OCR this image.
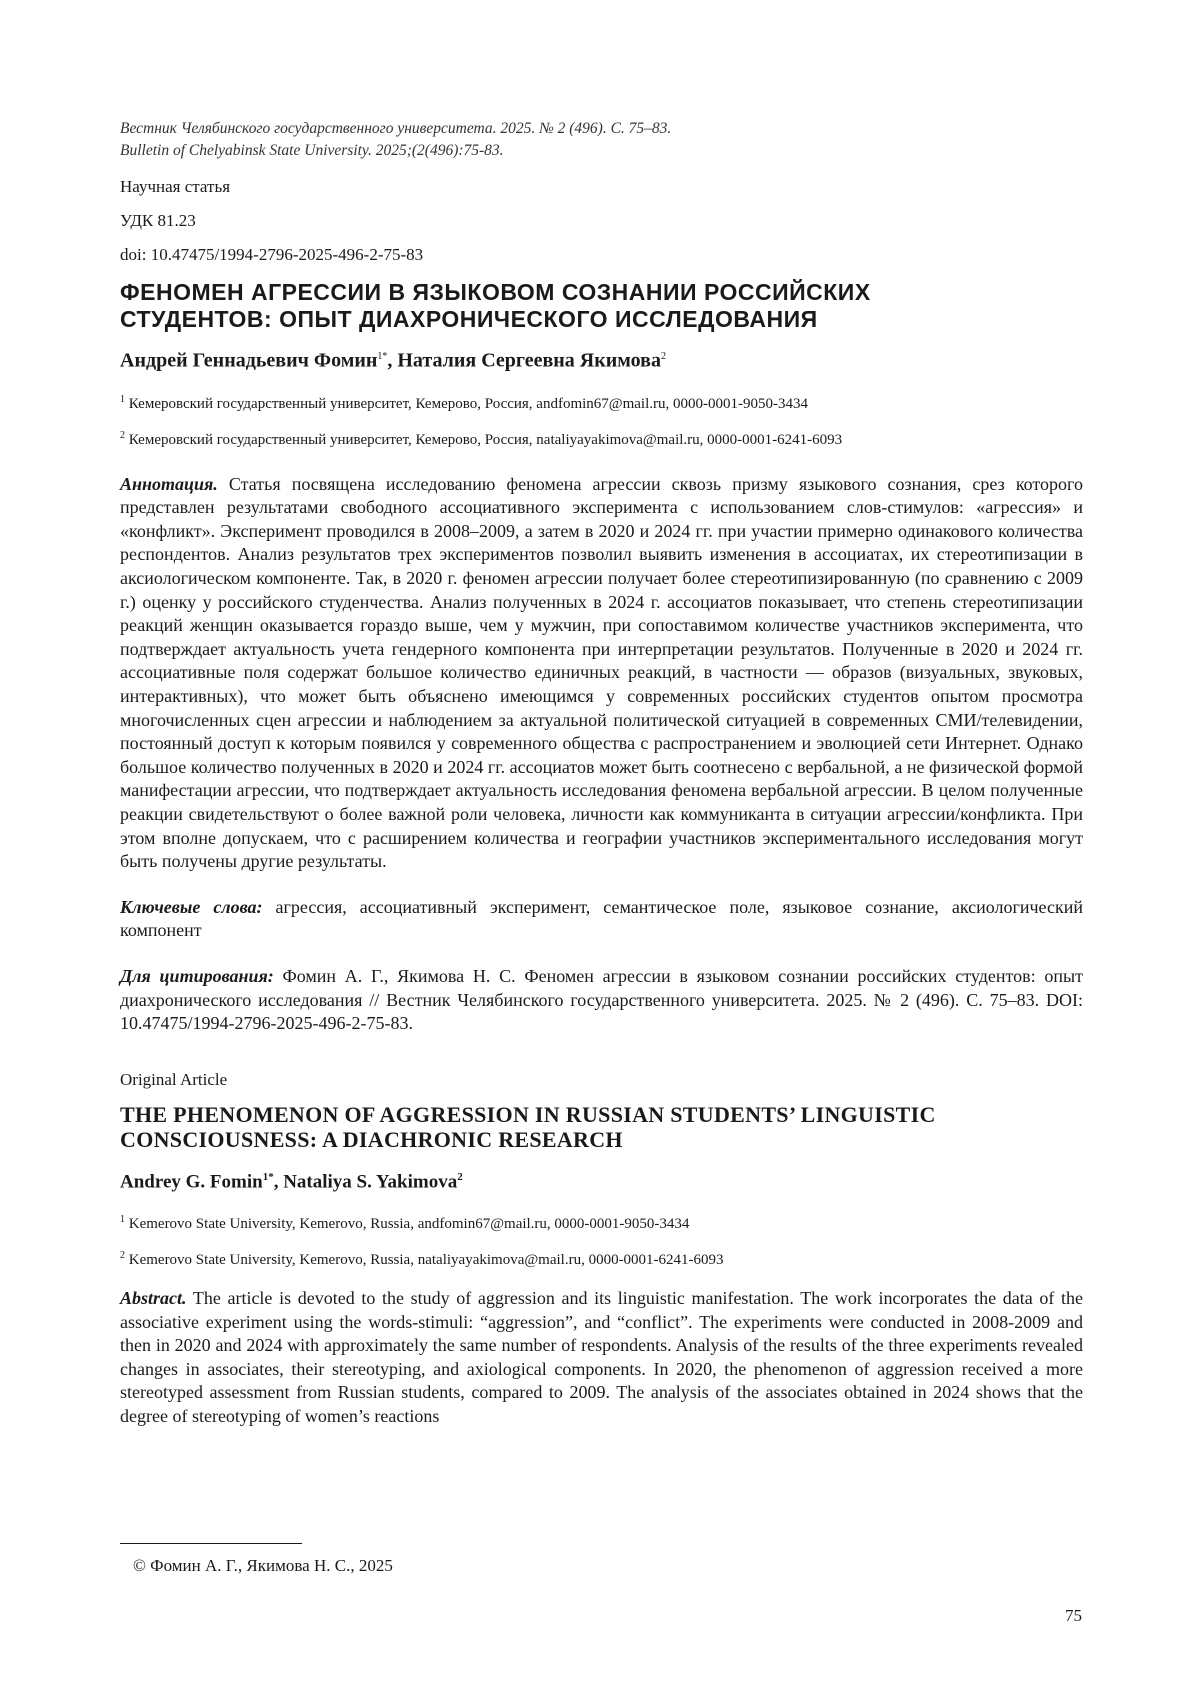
Вестник Челябинского государственного университета. 2025. № 2 (496). С. 75–83.
Bulletin of Chelyabinsk State University. 2025;(2(496):75-83.
Научная статья
УДК 81.23
doi: 10.47475/1994-2796-2025-496-2-75-83
ФЕНОМЕН АГРЕССИИ В ЯЗЫКОВОМ СОЗНАНИИ РОССИЙСКИХ
СТУДЕНТОВ: ОПЫТ ДИАХРОНИЧЕСКОГО ИССЛЕДОВАНИЯ
Андрей Геннадьевич Фомин$^{1*}$, Наталия Сергеевна Якимова$^2$
$^1$ Кемеровский государственный университет, Кемерово, Россия, andfomin67@mail.ru, 0000-0001-9050-3434
$^2$ Кемеровский государственный университет, Кемерово, Россия, nataliyayakimova@mail.ru, 0000-0001-6241-6093
Аннотация. Статья посвящена исследованию феномена агрессии сквозь призму языкового сознания, срез которого представлен результатами свободного ассоциативного эксперимента с использованием слов-стимулов: «агрессия» и «конфликт». Эксперимент проводился в 2008–2009, а затем в 2020 и 2024 гг. при участии примерно одинакового количества респондентов. Анализ результатов трех экспериментов позволил выявить изменения в ассоциатах, их стереотипизации в аксиологическом компоненте. Так, в 2020 г. феномен агрессии получает более стереотипизированную (по сравнению с 2009 г.) оценку у российского студенчества. Анализ полученных в 2024 г. ассоциатов показывает, что степень стереотипизации реакций женщин оказывается гораздо выше, чем у мужчин, при сопоставимом количестве участников эксперимента, что подтверждает актуальность учета гендерного компонента при интерпретации результатов. Полученные в 2020 и 2024 гг. ассоциативные поля содержат большое количество единичных реакций, в частности — образов (визуальных, звуковых, интерактивных), что может быть объяснено имеющимся у современных российских студентов опытом просмотра многочисленных сцен агрессии и наблюдением за актуальной политической ситуацией в современных СМИ/телевидении, постоянный доступ к которым появился у современного общества с распространением и эволюцией сети Интернет. Однако большое количество полученных в 2020 и 2024 гг. ассоциатов может быть соотнесено с вербальной, а не физической формой манифестации агрессии, что подтверждает актуальность исследования феномена вербальной агрессии. В целом полученные реакции свидетельствуют о более важной роли человека, личности как коммуниканта в ситуации агрессии/конфликта. При этом вполне допускаем, что с расширением количества и географии участников экспериментального исследования могут быть получены другие результаты.
Ключевые слова: агрессия, ассоциативный эксперимент, семантическое поле, языковое сознание, аксиологический компонент
Для цитирования: Фомин А. Г., Якимова Н. С. Феномен агрессии в языковом сознании российских студентов: опыт диахронического исследования // Вестник Челябинского государственного университета. 2025. № 2 (496). С. 75–83. DOI: 10.47475/1994-2796-2025-496-2-75-83.
Original Article
THE PHENOMENON OF AGGRESSION IN RUSSIAN STUDENTS’ LINGUISTIC
CONSCIOUSNESS: A DIACHRONIC RESEARCH
Andrey G. Fomin$^{1*}$, Nataliya S. Yakimova$^2$
$^1$ Kemerovo State University, Kemerovo, Russia, andfomin67@mail.ru, 0000-0001-9050-3434
$^2$ Kemerovo State University, Kemerovo, Russia, nataliyayakimova@mail.ru, 0000-0001-6241-6093
Abstract. The article is devoted to the study of aggression and its linguistic manifestation. The work incorporates the data of the associative experiment using the words-stimuli: “aggression”, and “conflict”. The experiments were conducted in 2008-2009 and then in 2020 and 2024 with approximately the same number of respondents. Analysis of the results of the three experiments revealed changes in associates, their stereotyping, and axiological components. In 2020, the phenomenon of aggression received a more stereotyped assessment from Russian students, compared to 2009. The analysis of the associates obtained in 2024 shows that the degree of stereotyping of women’s reactions
© Фомин А. Г., Якимова Н. С., 2025
75
